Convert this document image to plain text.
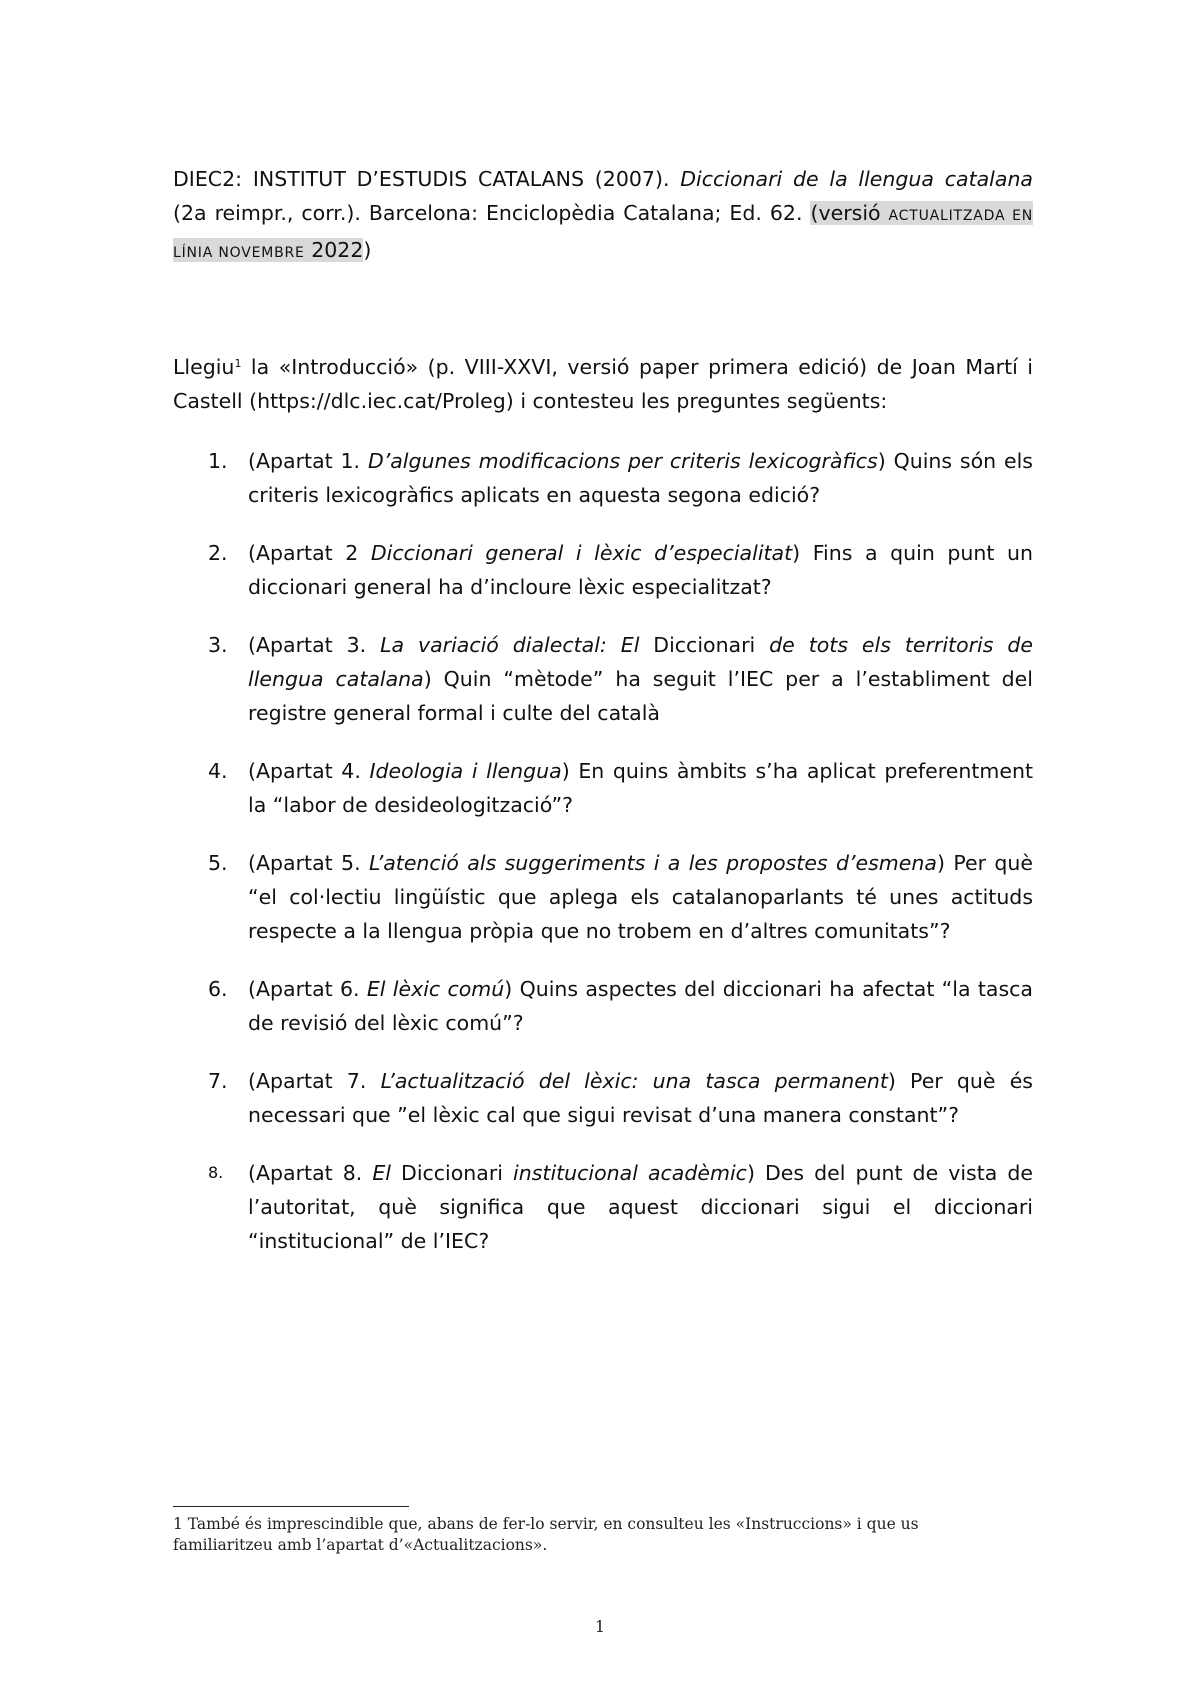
DIEC2: INSTITUT D’ESTUDIS CATALANS (2007). Diccionari de la llengua catalana (2a reimpr., corr.). Barcelona: Enciclopèdia Catalana; Ed. 62. (versió ACTUALITZADA EN LÍNIA NOVEMBRE 2022)
Llegiu$^1$ la «Introducció» (p. VIII-XXVI, versió paper primera edició) de Joan Martí i Castell (https://dlc.iec.cat/Proleg) i contesteu les preguntes següents:
1. (Apartat 1. D’algunes modificacions per criteris lexicogràfics) Quins són els criteris lexicogràfics aplicats en aquesta segona edició?
2. (Apartat 2 Diccionari general i lèxic d’especialitat) Fins a quin punt un diccionari general ha d’incloure lèxic especialitzat?
3. (Apartat 3. La variació dialectal: El Diccionari de tots els territoris de llengua catalana) Quin “mètode” ha seguit l’IEC per a l’establiment del registre general formal i culte del català
4. (Apartat 4. Ideologia i llengua) En quins àmbits s’ha aplicat preferentment la “labor de desideologització”?
5. (Apartat 5. L’atenció als suggeriments i a les propostes d’esmena) Per què “el col·lectiu lingüístic que aplega els catalanoparlants té unes actituds respecte a la llengua pròpia que no trobem en d’altres comunitats”?
6. (Apartat 6. El lèxic comú) Quins aspectes del diccionari ha afectat “la tasca de revisió del lèxic comú”?
7. (Apartat 7. L’actualització del lèxic: una tasca permanent) Per què és necessari que ”el lèxic cal que sigui revisat d’una manera constant”?
8. (Apartat 8. El Diccionari institucional acadèmic) Des del punt de vista de l’autoritat, què significa que aquest diccionari sigui el diccionari “institucional” de l’IEC?
1 També és imprescindible que, abans de fer-lo servir, en consulteu les «Instruccions» i que us familiaritzeu amb l’apartat d’«Actualitzacions».
1
